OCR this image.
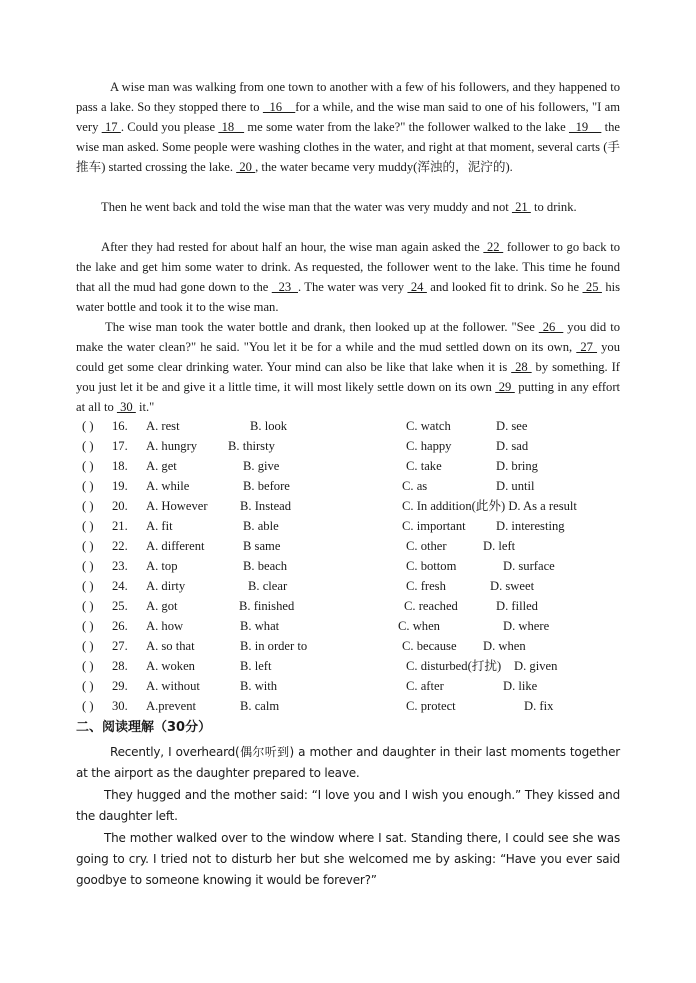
A wise man was walking from one town to another with a few of his followers, and they happened to pass a lake. So they stopped there to   16    for a while, and the wise man said to one of his followers, "I am very  17 . Could you please  18    me some water from the lake?" the follower walked to the lake   19     the wise man asked. Some people were washing clothes in the water, and right at that moment, several carts (手推车) started crossing the lake.  20 , the water became very muddy(浑浊的，泥泞的).
Then he went back and told the wise man that the water was very muddy and not  21  to drink.
After they had rested for about half an hour, the wise man again asked the  22  follower to go back to the lake and get him some water to drink. As requested, the follower went to the lake. This time he found that all the mud had gone down to the   23  . The water was very  24  and looked fit to drink. So he  25  his water bottle and took it to the wise man.
The wise man took the water bottle and drank, then looked up at the follower. "See  26   you did to make the water clean?" he said. "You let it be for a while and the mud settled down on its own,  27  you could get some clear drinking water. Your mind can also be like that lake when it is  28  by something. If you just let it be and give it a little time, it will most likely settle down on its own  29  putting in any effort at all to  30  it."
( ) 16. A. rest	B. look	C. watch	D. see
( ) 17. A. hungry B. thirsty	C. happy	D. sad
( ) 18. A. get	B. give	C. take	D. bring
( ) 19. A. while	B. before	C. as	D. until
( ) 20. A. However	B. Instead	C. In addition(此外) D. As a result
( ) 21. A. fit	B. able	C. important D. interesting
( ) 22. A. different	B same	C. other	D. left
( ) 23. A. top	B. beach	C. bottom	D. surface
( ) 24. A. dirty	B. clear	C. fresh	D. sweet
( ) 25. A. got	B. finished	C. reached	D. filled
( ) 26. A. how	B. what	C. when	D. where
( ) 27. A. so that	B. in order to	C. because D. when
( ) 28. A. woken	B. left	C. disturbed(打扰) D. given
( ) 29. A. without	B. with	C. after	D. like
( ) 30. A.prevent	B. calm	C. protect	D. fix
二、阅读理解（30分）
Recently, I overheard(偶尔听到) a mother and daughter in their last moments together at the airport as the daughter prepared to leave.
They hugged and the mother said: “I love you and I wish you enough.” They kissed and the daughter left.
The mother walked over to the window where I sat. Standing there, I could see she was going to cry. I tried not to disturb her but she welcomed me by asking: “Have you ever said goodbye to someone knowing it would be forever?”
